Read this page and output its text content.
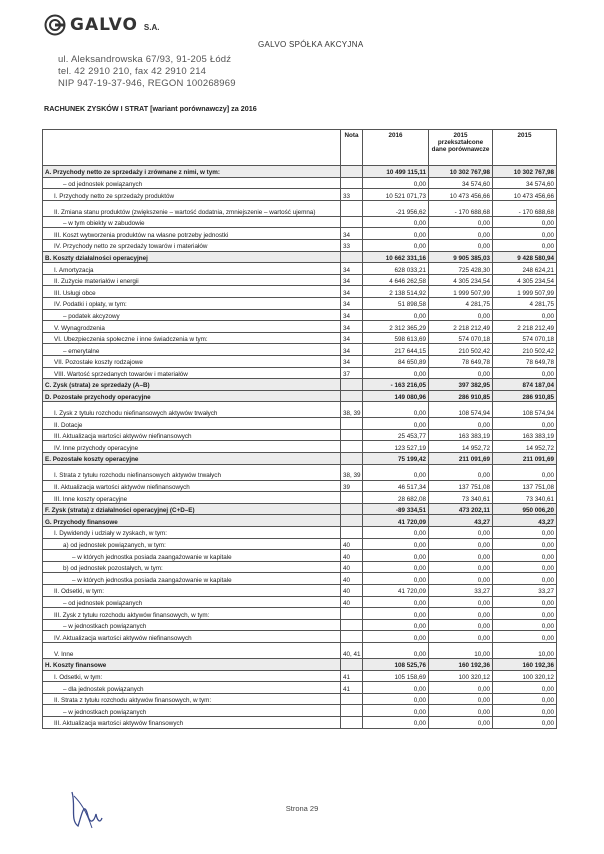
GALVO S.A.
GALVO SPÓŁKA AKCYJNA
ul. Aleksandrowska 67/93, 91-205 Łódź
tel. 42 2910 210, fax 42 2910 214
NIP 947-19-37-946, REGON 100268969
RACHUNEK ZYSKÓW I STRAT [wariant porównawczy] za 2016
	Nota	2016	2015 przekształcone dane porównawcze	2015
A. Przychody netto ze sprzedaży i zrównane z nimi, w tym:		10 499 115,11	10 302 767,98	10 302 767,98
– od jednostek powiązanych		0,00	34 574,60	34 574,60
I. Przychody netto ze sprzedaży produktów	33	10 521 071,73	10 473 456,66	10 473 456,66
II. Zmiana stanu produktów (zwiększenie – wartość dodatnia, zmniejszenie – wartość ujemna)		-21 956,62	- 170 688,68	- 170 688,68
– w tym obiekty w zabudowie		0,00	0,00	0,00
III. Koszt wytworzenia produktów na własne potrzeby jednostki	34	0,00	0,00	0,00
IV. Przychody netto ze sprzedaży towarów i materiałów	33	0,00	0,00	0,00
B. Koszty działalności operacyjnej		10 662 331,16	9 905 385,03	9 428 580,94
I. Amortyzacja	34	628 033,21	725 428,30	248 624,21
II. Zużycie materiałów i energii	34	4 646 262,58	4 305 234,54	4 305 234,54
III. Usługi obce	34	2 138 514,92	1 999 507,99	1 999 507,99
IV. Podatki i opłaty, w tym:	34	51 898,58	4 281,75	4 281,75
– podatek akcyzowy	34	0,00	0,00	0,00
V. Wynagrodzenia	34	2 312 365,29	2 218 212,49	2 218 212,49
VI. Ubezpieczenia społeczne i inne świadczenia w tym:	34	598 613,69	574 070,18	574 070,18
– emerytalne	34	217 644,15	210 502,42	210 502,42
VII. Pozostałe koszty rodzajowe	34	84 650,89	78 649,78	78 649,78
VIII. Wartość sprzedanych towarów i materiałów	37	0,00	0,00	0,00
C. Zysk (strata) ze sprzedaży (A–B)		- 163 216,05	397 382,95	874 187,04
D. Pozostałe przychody operacyjne		149 080,96	286 910,85	286 910,85
I. Zysk z tytułu rozchodu niefinansowych aktywów trwałych	38, 39	0,00	108 574,94	108 574,94
II. Dotacje		0,00	0,00	0,00
III. Aktualizacja wartości aktywów niefinansowych		25 453,77	163 383,19	163 383,19
IV. Inne przychody operacyjne		123 527,19	14 952,72	14 952,72
E. Pozostałe koszty operacyjne		75 199,42	211 091,69	211 091,69
I. Strata z tytułu rozchodu niefinansowych aktywów trwałych	38, 39	0,00	0,00	0,00
II. Aktualizacja wartości aktywów niefinansowych	39	46 517,34	137 751,08	137 751,08
III. Inne koszty operacyjne		28 682,08	73 340,61	73 340,61
F. Zysk (strata) z działalności operacyjnej (C+D–E)		-89 334,51	473 202,11	950 006,20
G. Przychody finansowe		41 720,09	43,27	43,27
I. Dywidendy i udziały w zyskach, w tym:		0,00	0,00	0,00
a) od jednostek powiązanych, w tym:	40	0,00	0,00	0,00
– w których jednostka posiada zaangażowanie w kapitale	40	0,00	0,00	0,00
b) od jednostek pozostałych, w tym:	40	0,00	0,00	0,00
– w których jednostka posiada zaangażowanie w kapitale	40	0,00	0,00	0,00
II. Odsetki, w tym:	40	41 720,09	33,27	33,27
– od jednostek powiązanych	40	0,00	0,00	0,00
III. Zysk z tytułu rozchodu aktywów finansowych, w tym:		0,00	0,00	0,00
– w jednostkach powiązanych		0,00	0,00	0,00
IV. Aktualizacja wartości aktywów niefinansowych		0,00	0,00	0,00
V. Inne	40, 41	0,00	10,00	10,00
H. Koszty finansowe		108 525,76	160 192,36	160 192,36
I. Odsetki, w tym:	41	105 158,69	100 320,12	100 320,12
– dla jednostek powiązanych	41	0,00	0,00	0,00
II. Strata z tytułu rozchodu aktywów finansowych, w tym:		0,00	0,00	0,00
– w jednostkach powiązanych		0,00	0,00	0,00
III. Aktualizacja wartości aktywów finansowych		0,00	0,00	0,00
Strona 29
